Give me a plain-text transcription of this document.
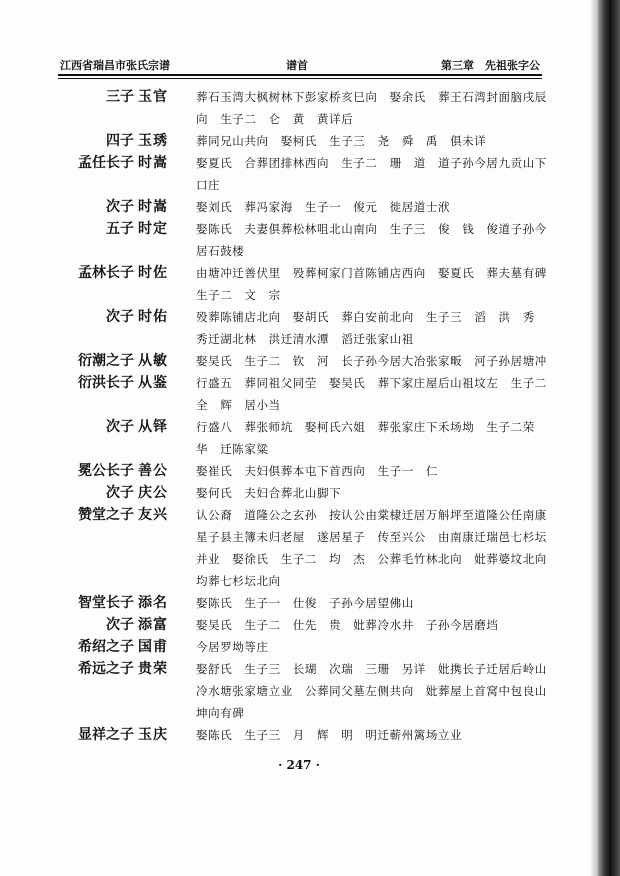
江西省瑞昌市张氏宗谱	谱首	第三章　先祖张字公
三子 玉官	葬石玉湾大枫树林下彭家桥亥巳向　娶余氏　葬王石湾封面脑戌辰向　生子二　仑　黄　黄详后
四子 玉琇	葬同兄山共向　娶柯氏　生子三　尧　舜　禹　俱未详
孟任长子 时嵩	娶夏氏　合葬团排林西向　生子二　珊　道　道子孙今居九贡山下口庄
次子 时嵩	娶刘氏　葬冯家海　生子一　俊元　徙居道士洑
五子 时定	娶陈氏　夫妻俱葬松林咀北山南向　生子三　俊　钱　俊道子孙今居石鼓楼
孟林长子 时佐	由塘冲迁善伏里　殁葬柯家门首陈铺店西向　娶夏氏　葬夫墓有碑　生子二　文　宗
次子 时佑	殁葬陈铺店北向　娶胡氏　葬白安前北向　生子三　滔　洪　秀　秀迁湖北林　洪迁清水潭　滔迁张家山祖
衍潮之子 从敏	娶吴氏　生子二　钦　河　长子孙今居大冶张家畈　河子孙居塘冲
衍洪长子 从鉴	行盛五　葬同祖父同茔　娶吴氏　葬下家庄屋后山祖坟左　生子二　全　辉　居小当
次子 从铎	行盛八　葬张师坑　娶柯氏六姐　葬张家庄下禾场坳　生子二荣　华　迁陈家粱
冕公长子 善公	娶崔氏　夫妇俱葬本屯下首西向　生子一　仁
次子 庆公	娶何氏　夫妇合葬北山脚下
赞堂之子 友兴	认公裔　道隆公之玄孙　按认公由棠棣迁居万斛坪至道隆公任南康星子县主簿未归老屋　遂居星子　传至兴公　由南康迁瑞邑七杉坛并业　娶徐氏　生子二　均　杰　公葬毛竹林北向　妣葬婆坟北向　均葬七杉坛北向
智堂长子 添名	娶陈氏　生子一　仕俊　子孙今居望佛山
次子 添富	娶吴氏　生子二　仕先　贵　妣葬冷水井　子孙今居磨垱
希绍之子 国甫	今居罗坳等庄
希远之子 贵荣	娶舒氏　生子三　长瑚　次瑞　三珊　另详　妣携长子迁居后岭山冷水塘张家塘立业　公葬同父墓左侧共向　妣葬屋上首窝中包良山坤向有碑
显祥之子 玉庆	娶陈氏　生子三　月　辉　明　明迁蕲州篱场立业
· 247 ·
